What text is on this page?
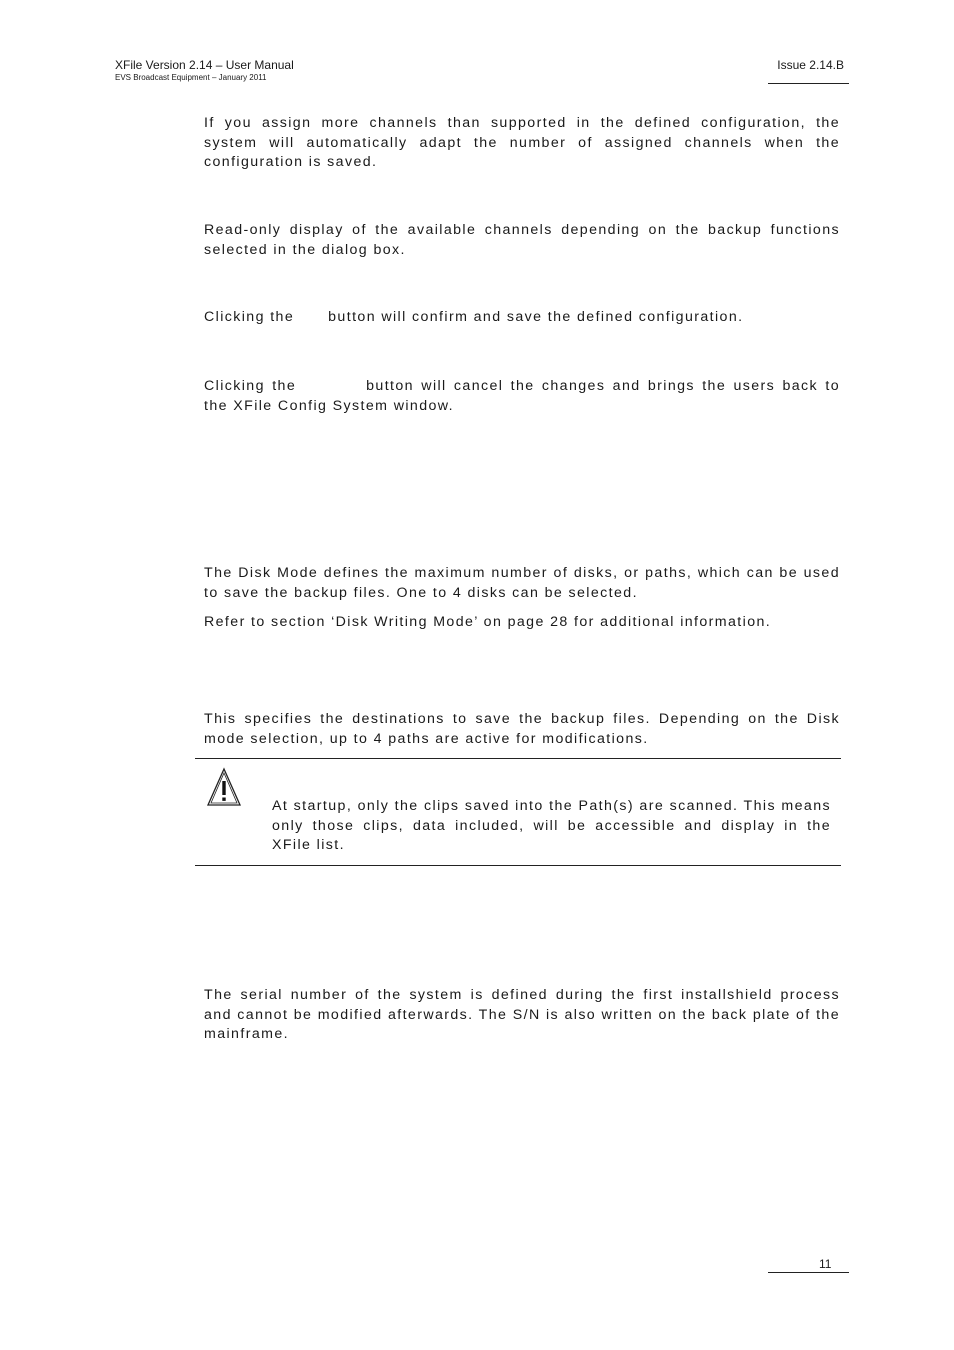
XFile Version 2.14 – User Manual
EVS Broadcast Equipment – January 2011
Issue 2.14.B

If you assign more channels than supported in the defined configuration, the system will automatically adapt the number of assigned channels when the configuration is saved.

Read-only display of the available channels depending on the backup functions selected in the dialog box.

Clicking the button will confirm and save the defined configuration.

Clicking the	button will cancel the changes and brings the users back to the XFile Config System window.

The Disk Mode defines the maximum number of disks, or paths, which can be used to save the backup files. One to 4 disks can be selected.

Refer to section ‘Disk Writing Mode’ on page 28 for additional information.

This specifies the destinations to save the backup files. Depending on the Disk mode selection, up to 4 paths are active for modifications.

At startup, only the clips saved into the Path(s) are scanned. This means only those clips, data included, will be accessible and display in the XFile list.

The serial number of the system is defined during the first installshield process and cannot be modified afterwards. The S/N is also written on the back plate of the mainframe.

11
